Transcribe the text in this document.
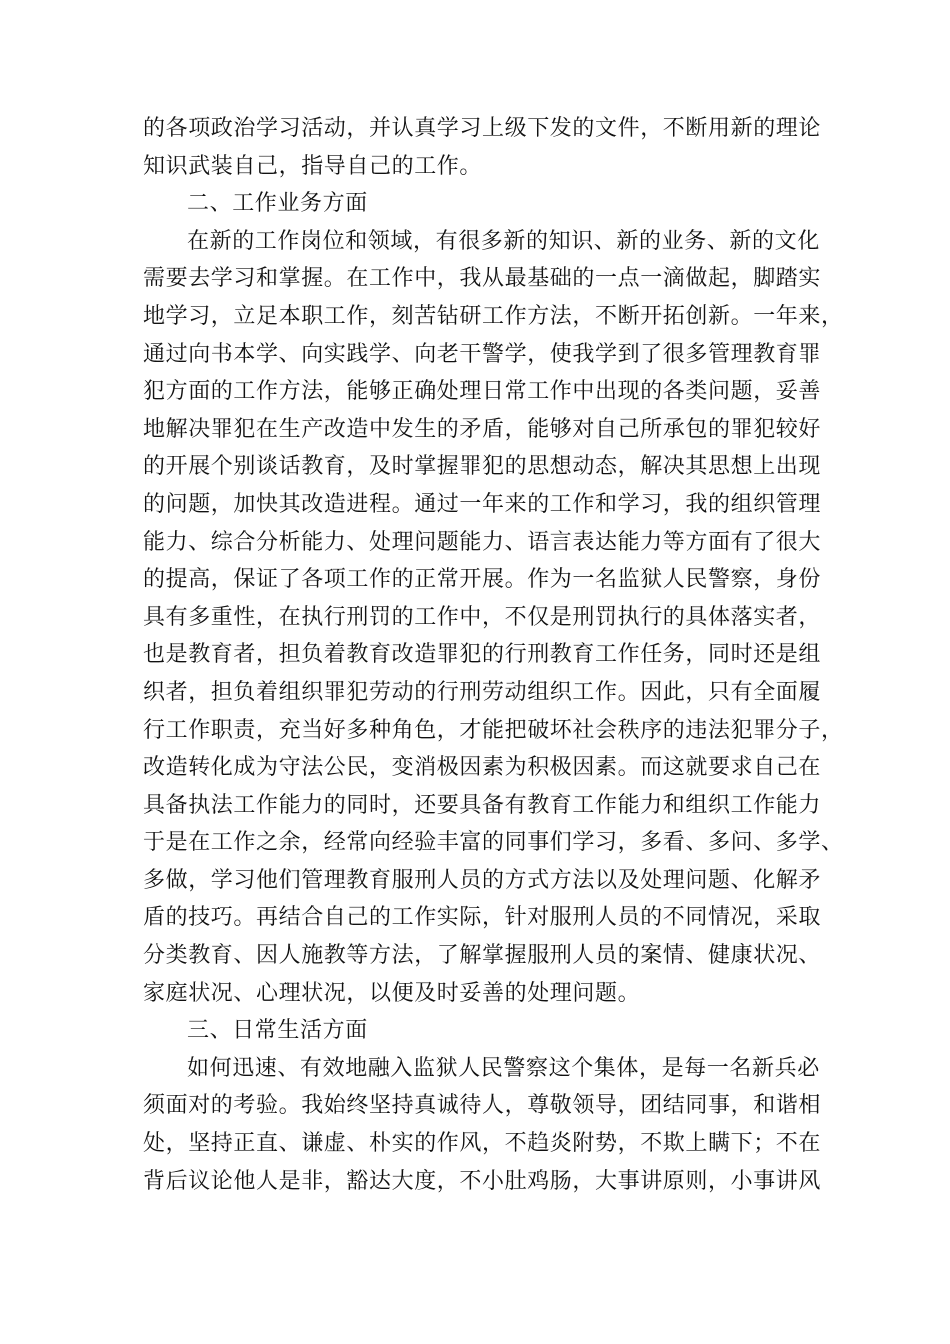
的各项政治学习活动，并认真学习上级下发的文件，不断用新的理论
知识武装自己，指导自己的工作。
二、工作业务方面
在新的工作岗位和领域，有很多新的知识、新的业务、新的文化
需要去学习和掌握。在工作中，我从最基础的一点一滴做起，脚踏实
地学习，立足本职工作，刻苦钻研工作方法，不断开拓创新。一年来，
通过向书本学、向实践学、向老干警学，使我学到了很多管理教育罪
犯方面的工作方法，能够正确处理日常工作中出现的各类问题，妥善
地解决罪犯在生产改造中发生的矛盾，能够对自己所承包的罪犯较好
的开展个别谈话教育，及时掌握罪犯的思想动态，解决其思想上出现
的问题，加快其改造进程。通过一年来的工作和学习，我的组织管理
能力、综合分析能力、处理问题能力、语言表达能力等方面有了很大
的提高，保证了各项工作的正常开展。作为一名监狱人民警察，身份
具有多重性，在执行刑罚的工作中，不仅是刑罚执行的具体落实者，
也是教育者，担负着教育改造罪犯的行刑教育工作任务，同时还是组
织者，担负着组织罪犯劳动的行刑劳动组织工作。因此，只有全面履
行工作职责，充当好多种角色，才能把破坏社会秩序的违法犯罪分子，
改造转化成为守法公民，变消极因素为积极因素。而这就要求自己在
具备执法工作能力的同时，还要具备有教育工作能力和组织工作能力
于是在工作之余，经常向经验丰富的同事们学习，多看、多问、多学、
多做，学习他们管理教育服刑人员的方式方法以及处理问题、化解矛
盾的技巧。再结合自己的工作实际，针对服刑人员的不同情况，采取
分类教育、因人施教等方法，了解掌握服刑人员的案情、健康状况、
家庭状况、心理状况，以便及时妥善的处理问题。
三、日常生活方面
如何迅速、有效地融入监狱人民警察这个集体，是每一名新兵必
须面对的考验。我始终坚持真诚待人，尊敬领导，团结同事，和谐相
处，坚持正直、谦虚、朴实的作风，不趋炎附势，不欺上瞒下；不在
背后议论他人是非，豁达大度，不小肚鸡肠，大事讲原则，小事讲风
